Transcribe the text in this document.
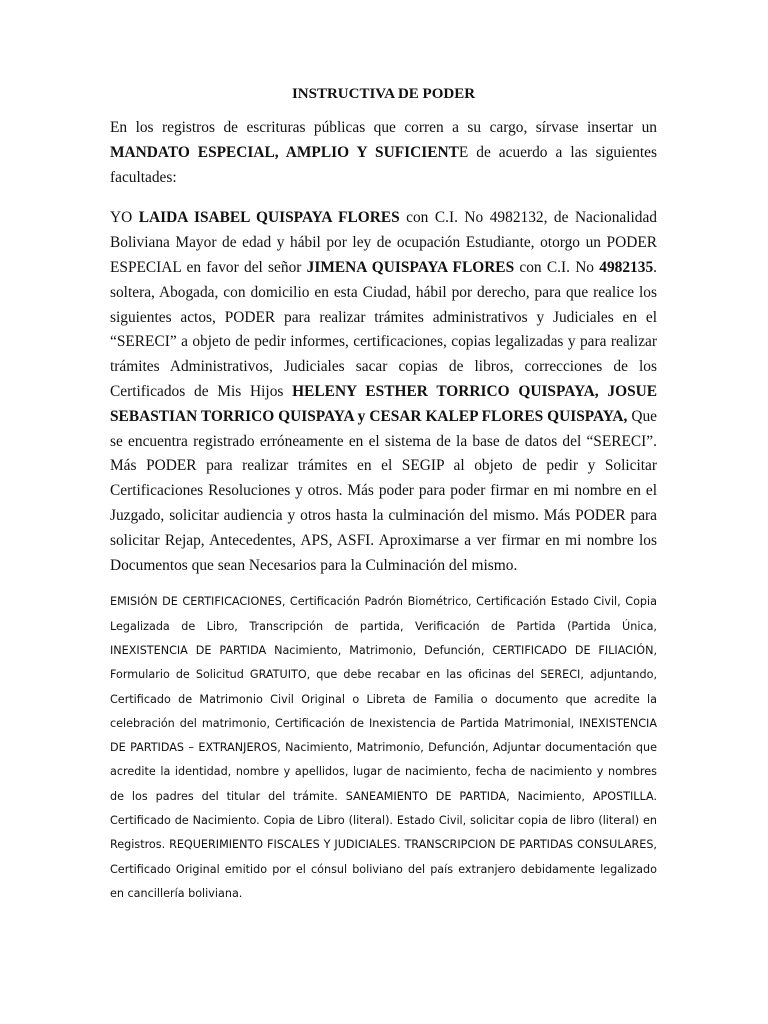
INSTRUCTIVA DE PODER

En los registros de escrituras públicas que corren a su cargo, sírvase insertar un MANDATO ESPECIAL, AMPLIO Y SUFICIENTE de acuerdo a las siguientes facultades:

YO LAIDA ISABEL QUISPAYA FLORES con C.I. No 4982132, de Nacionalidad Boliviana Mayor de edad y hábil por ley de ocupación Estudiante, otorgo un PODER ESPECIAL en favor del señor JIMENA QUISPAYA FLORES con C.I. No 4982135. soltera, Abogada, con domicilio en esta Ciudad, hábil por derecho, para que realice los siguientes actos, PODER para realizar trámites administrativos y Judiciales en el “SERECI” a objeto de pedir informes, certificaciones, copias legalizadas y para realizar trámites Administrativos, Judiciales sacar copias de libros, correcciones de los Certificados de Mis Hijos HELENY ESTHER TORRICO QUISPAYA, JOSUE SEBASTIAN TORRICO QUISPAYA y CESAR KALEP FLORES QUISPAYA, Que se encuentra registrado erróneamente en el sistema de la base de datos del “SERECI”. Más PODER para realizar trámites en el SEGIP al objeto de pedir y Solicitar Certificaciones Resoluciones y otros. Más poder para poder firmar en mi nombre en el Juzgado, solicitar audiencia y otros hasta la culminación del mismo. Más PODER para solicitar Rejap, Antecedentes, APS, ASFI. Aproximarse a ver firmar en mi nombre los Documentos que sean Necesarios para la Culminación del mismo.

EMISIÓN DE CERTIFICACIONES, Certificación Padrón Biométrico, Certificación Estado Civil, Copia Legalizada de Libro, Transcripción de partida, Verificación de Partida (Partida Única, INEXISTENCIA DE PARTIDA Nacimiento, Matrimonio, Defunción, CERTIFICADO DE FILIACIÓN, Formulario de Solicitud GRATUITO, que debe recabar en las oficinas del SERECI, adjuntando, Certificado de Matrimonio Civil Original o Libreta de Familia o documento que acredite la celebración del matrimonio, Certificación de Inexistencia de Partida Matrimonial, INEXISTENCIA DE PARTIDAS – EXTRANJEROS, Nacimiento, Matrimonio, Defunción, Adjuntar documentación que acredite la identidad, nombre y apellidos, lugar de nacimiento, fecha de nacimiento y nombres de los padres del titular del trámite. SANEAMIENTO DE PARTIDA, Nacimiento, APOSTILLA. Certificado de Nacimiento. Copia de Libro (literal). Estado Civil, solicitar copia de libro (literal) en Registros. REQUERIMIENTO FISCALES Y JUDICIALES. TRANSCRIPCION DE PARTIDAS CONSULARES, Certificado Original emitido por el cónsul boliviano del país extranjero debidamente legalizado en cancillería boliviana.
